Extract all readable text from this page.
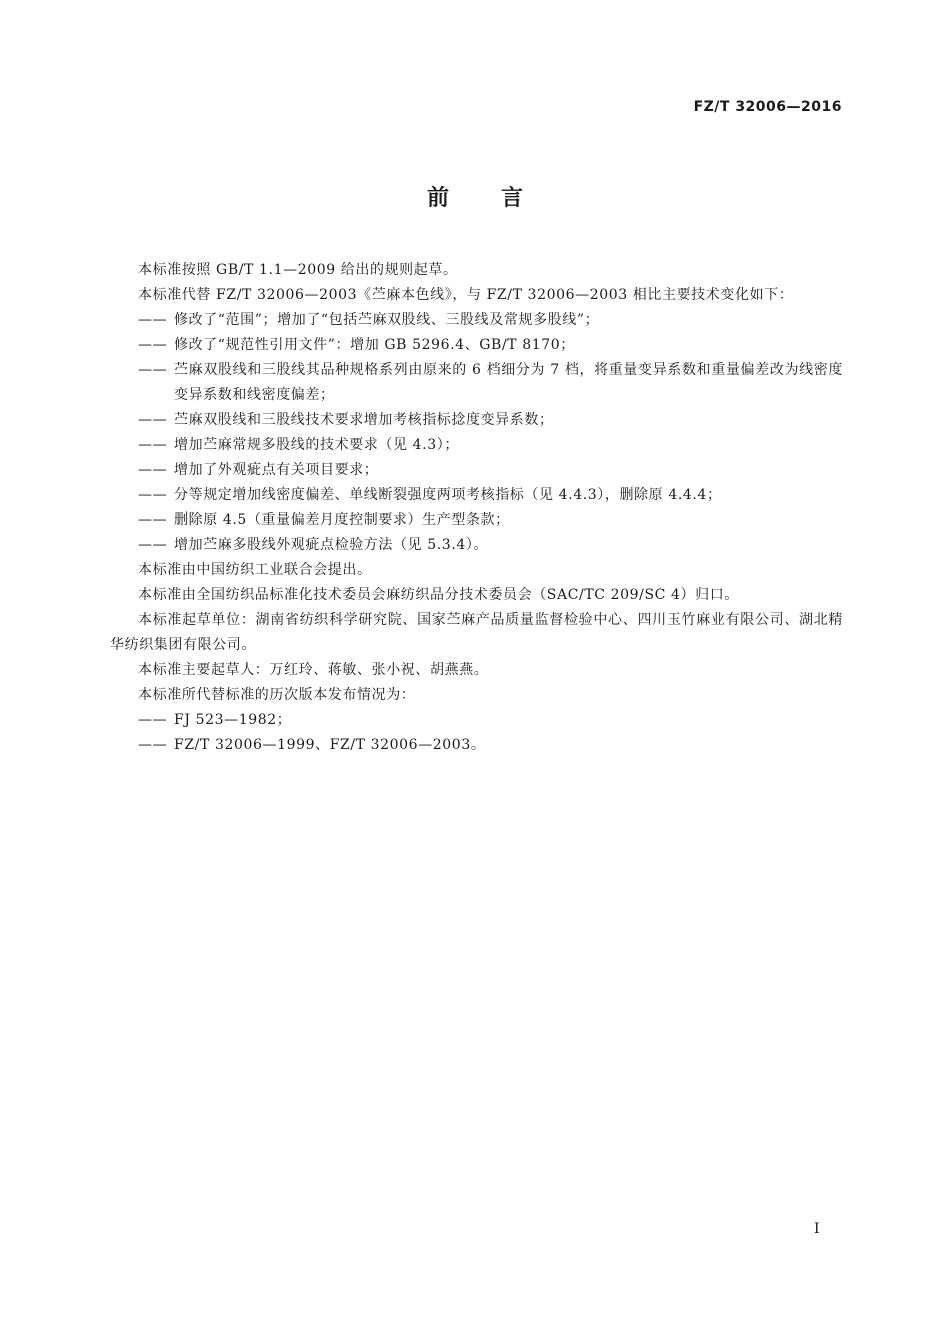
FZ/T 32006—2016
前言

本标准按照 GB/T 1.1—2009 给出的规则起草。

本标准代替 FZ/T 32006—2003《苎麻本色线》，与 FZ/T 32006—2003 相比主要技术变化如下：

—— 修改了“范围”；增加了“包括苎麻双股线、三股线及常规多股线”；

—— 修改了“规范性引用文件”：增加 GB 5296.4、GB/T 8170；

—— 苎麻双股线和三股线其品种规格系列由原来的 6 档细分为 7 档，将重量变异系数和重量偏差改为线密度变异系数和线密度偏差；

—— 苎麻双股线和三股线技术要求增加考核指标捻度变异系数；

—— 增加苎麻常规多股线的技术要求（见 4.3）；

—— 增加了外观疵点有关项目要求；

—— 分等规定增加线密度偏差、单线断裂强度两项考核指标（见 4.4.3），删除原 4.4.4；

—— 删除原 4.5（重量偏差月度控制要求）生产型条款；

—— 增加苎麻多股线外观疵点检验方法（见 5.3.4）。

本标准由中国纺织工业联合会提出。

本标准由全国纺织品标准化技术委员会麻纺织品分技术委员会（SAC/TC 209/SC 4）归口。

本标准起草单位：湖南省纺织科学研究院、国家苎麻产品质量监督检验中心、四川玉竹麻业有限公司、湖北精华纺织集团有限公司。

本标准主要起草人：万红玲、蒋敏、张小祝、胡燕燕。

本标准所代替标准的历次版本发布情况为：

—— FJ 523—1982；

—— FZ/T 32006—1999、FZ/T 32006—2003。

I
